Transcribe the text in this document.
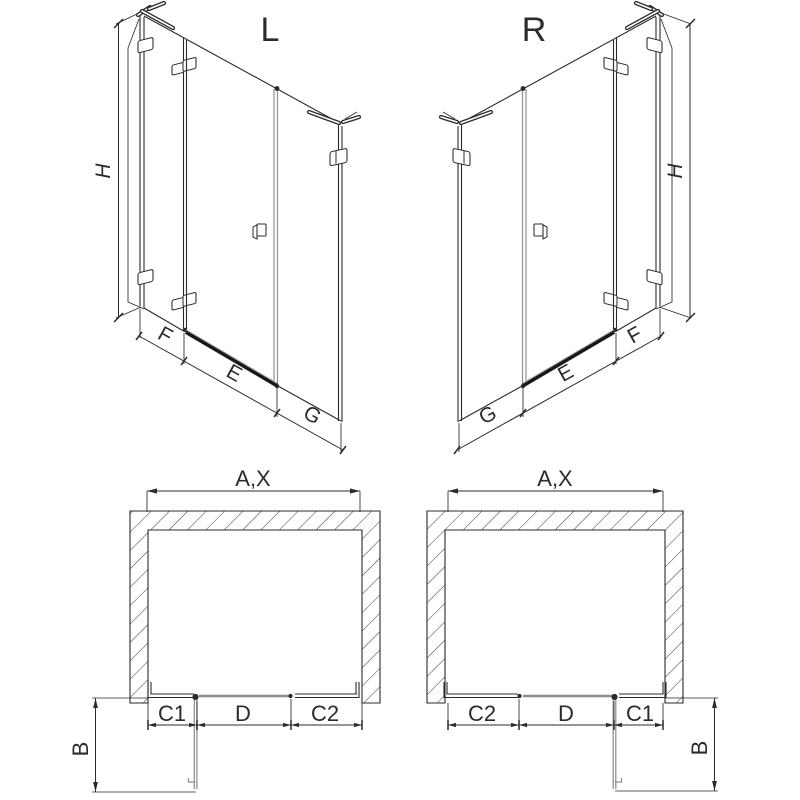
L
H
F
E
G
R
H
G
E
F
A,X
C1 D	C2
B
A,X
C2	D C1
B
